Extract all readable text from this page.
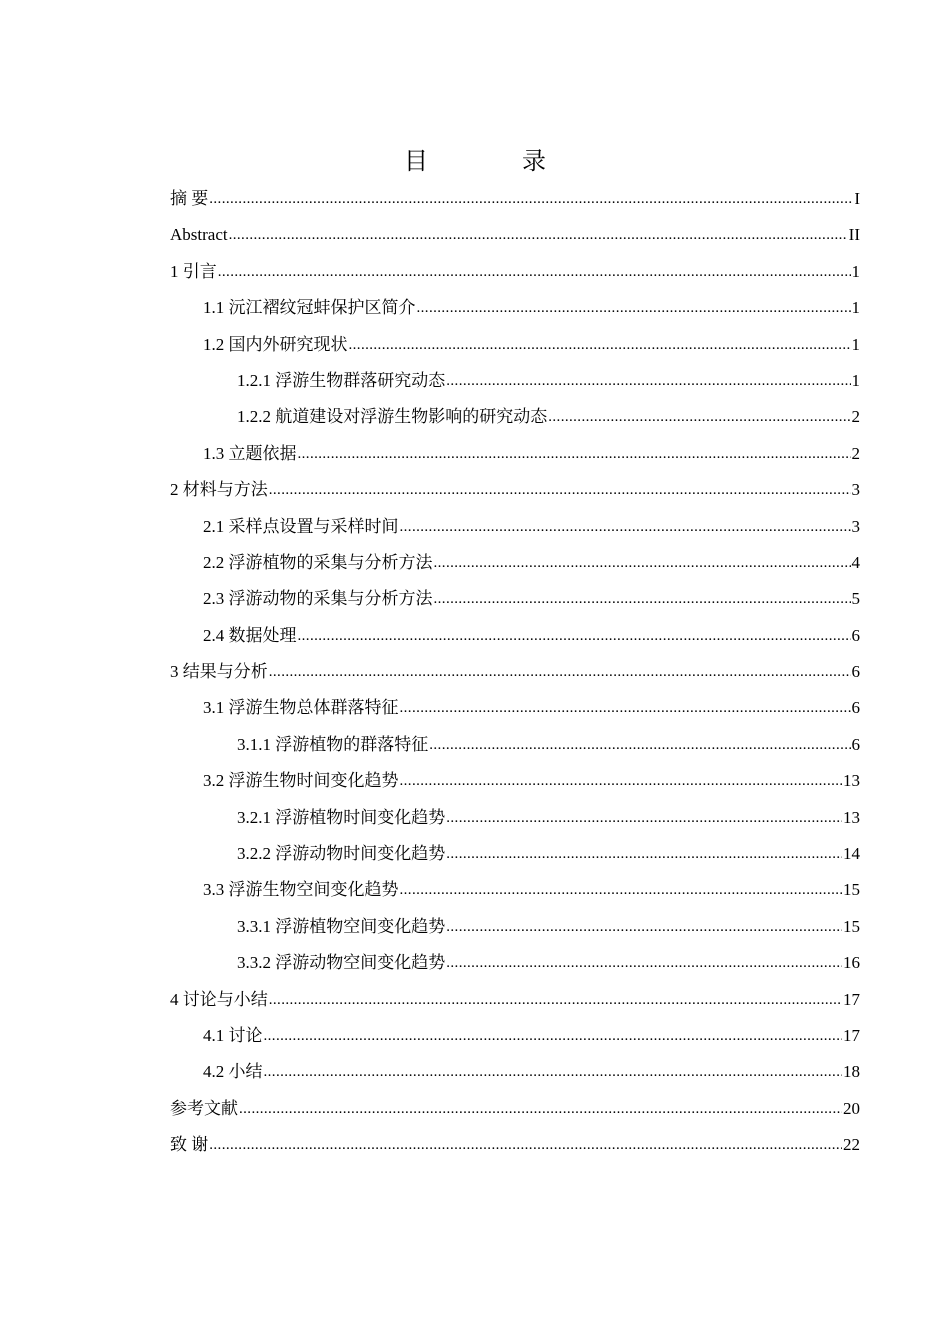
目 录
摘 要 .....	I
Abstract .....	II
1 引言 .....	1
1.1 沅江褶纹冠蚌保护区简介 .....	1
1.2 国内外研究现状 .....	1
1.2.1 浮游生物群落研究动态 .....	1
1.2.2 航道建设对浮游生物影响的研究动态 .....	2
1.3 立题依据 .....	2
2 材料与方法 .....	3
2.1 采样点设置与采样时间 .....	3
2.2 浮游植物的采集与分析方法 .....	4
2.3 浮游动物的采集与分析方法 .....	5
2.4 数据处理 .....	6
3 结果与分析 .....	6
3.1 浮游生物总体群落特征 .....	6
3.1.1 浮游植物的群落特征 .....	6
3.2 浮游生物时间变化趋势 .....	13
3.2.1 浮游植物时间变化趋势 .....	13
3.2.2 浮游动物时间变化趋势 .....	14
3.3 浮游生物空间变化趋势 .....	15
3.3.1 浮游植物空间变化趋势 .....	15
3.3.2 浮游动物空间变化趋势 .....	16
4 讨论与小结 .....	17
4.1 讨论 .....	17
4.2 小结 .....	18
参考文献 .....	20
致 谢 .....	22
